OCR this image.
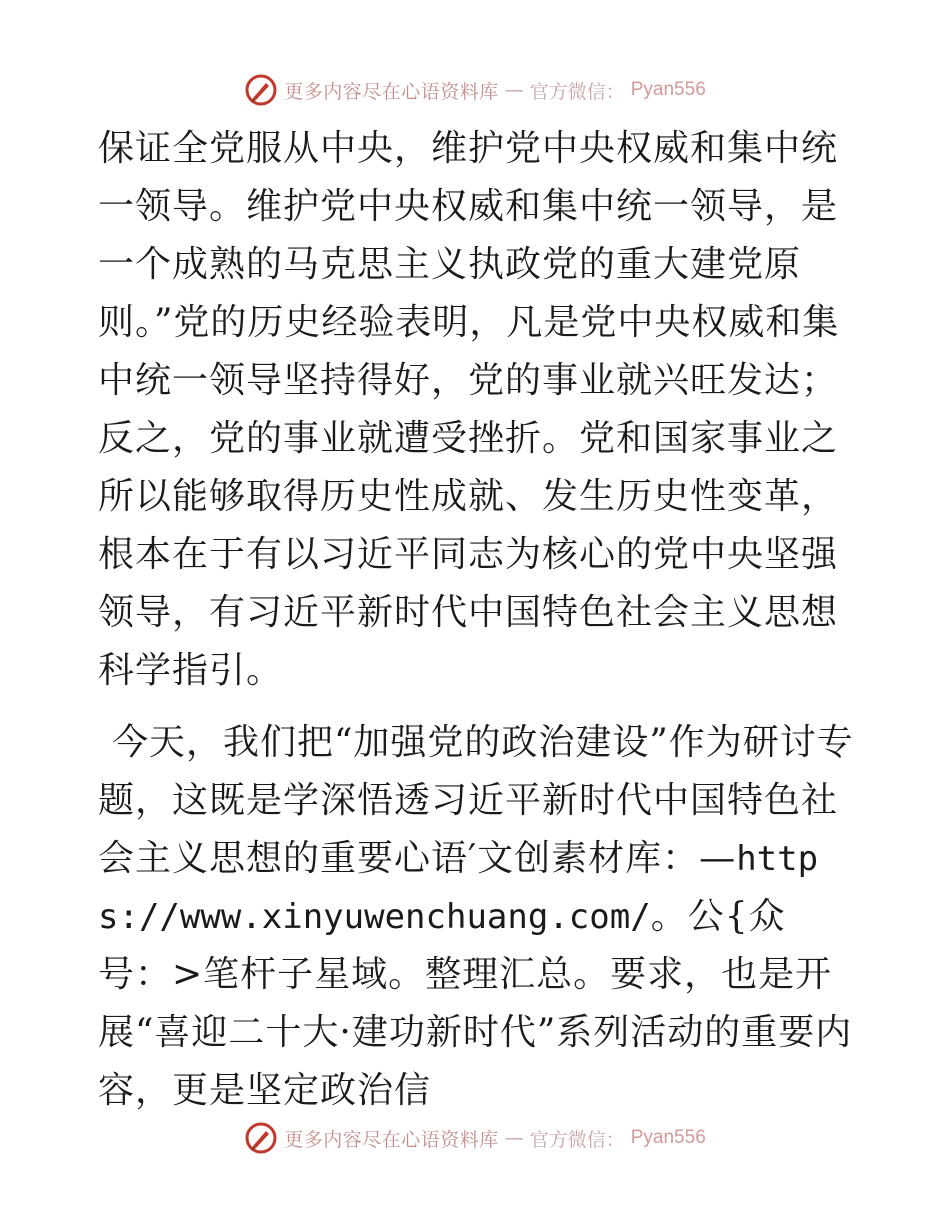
更多内容尽在心语资料库 — 官方微信： Pyan556

保证全党服从中央，维护党中央权威和集中统一领导。维护党中央权威和集中统一领导，是一个成熟的马克思主义执政党的重大建党原则。”党的历史经验表明，凡是党中央权威和集中统一领导坚持得好，党的事业就兴旺发达；反之，党的事业就遭受挫折。党和国家事业之所以能够取得历史性成就、发生历史性变革，根本在于有以习近平同志为核心的党中央坚强领导，有习近平新时代中国特色社会主义思想科学指引。

今天，我们把“加强党的政治建设”作为研讨专题，这既是学深悟透习近平新时代中国特色社会主义思想的重要心语′文创素材库：—https://www.xinyuwenchuang.com/。公{众号：>笔杆子星域。整理汇总。要求，也是开展“喜迎二十大·建功新时代”系列活动的重要内容，更是坚定政治信

更多内容尽在心语资料库 — 官方微信： Pyan556
